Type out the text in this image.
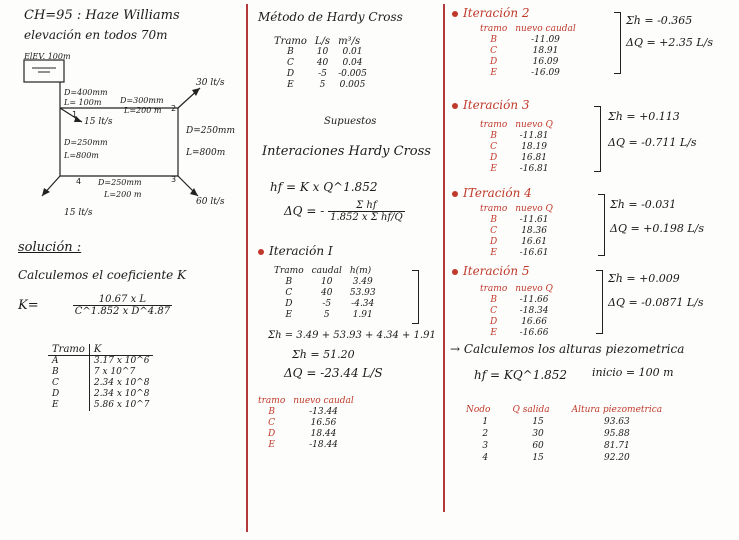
CH=95 : Haze Williams
elevación en todos 70m
ElEV. 100m
D=400mm
L= 100m D=300mm
L=200 m
D=250mm
L=800m
D=250mm
L=800m
D=250mm
L=200 m
1
2
3
4
15 lt/s
30 lt/s
60 lt/s
15 lt/s
solución :
Calculemos el coeficiente K
K=	$\frac{\text{10.67 x L}}{\text{C\textasciicircum{}1.852 x D\textasciicircum{}4.87}}$
Tramo	K
A	3.17 x 10^6
B	7 x 10^7
C	2.34 x 10^8
D	2.34 x 10^8
E	5.86 x 10^7
Método de Hardy Cross
Tramo	L/s	m³/s
B	10	0.01
C	40	0.04
D	-5	-0.005
E	5	0.005
Supuestos
Interaciones Hardy Cross
hf = K x Q^1.852
ΔQ = - $\frac{\text{Σ hf}}{\text{1.852 x Σ hf/Q}}$
Iteración I
Tramo	caudal	h(m)
B	10	3.49
C	40	53.93
D	-5	-4.34
E	5	1.91
Σh = 3.49 + 53.93 + 4.34 + 1.91
Σh = 51.20
ΔQ = -23.44 L/S
tramo	nuevo caudal
B	-13.44
C	16.56
D	18.44
E	-18.44
Iteración 2
tramo	nuevo caudal
B	-11.09
C	18.91
D	16.09
E	-16.09
Σh = -0.365
ΔQ = +2.35 L/s
Iteración 3
tramo	nuevo Q
B	-11.81
C	18.19
D	16.81
E	-16.81
Σh = +0.113
ΔQ = -0.711 L/s
ITeración 4
tramo	nuevo Q
B	-11.61
C	18.36
D	16.61
E	-16.61
Σh = -0.031
ΔQ = +0.198 L/s
Iteración 5
tramo	nuevo Q
B	-11.66
C	-18.34
D	16.66
E	-16.66
Σh = +0.009
ΔQ = -0.0871 L/s
→ Calculemos los alturas piezometrica
hf = KQ^1.852 inicio = 100 m
Nodo	Q salida	Altura piezometrica
1	15	93.63
2	30	95.88
3	60	81.71
4	15	92.20
